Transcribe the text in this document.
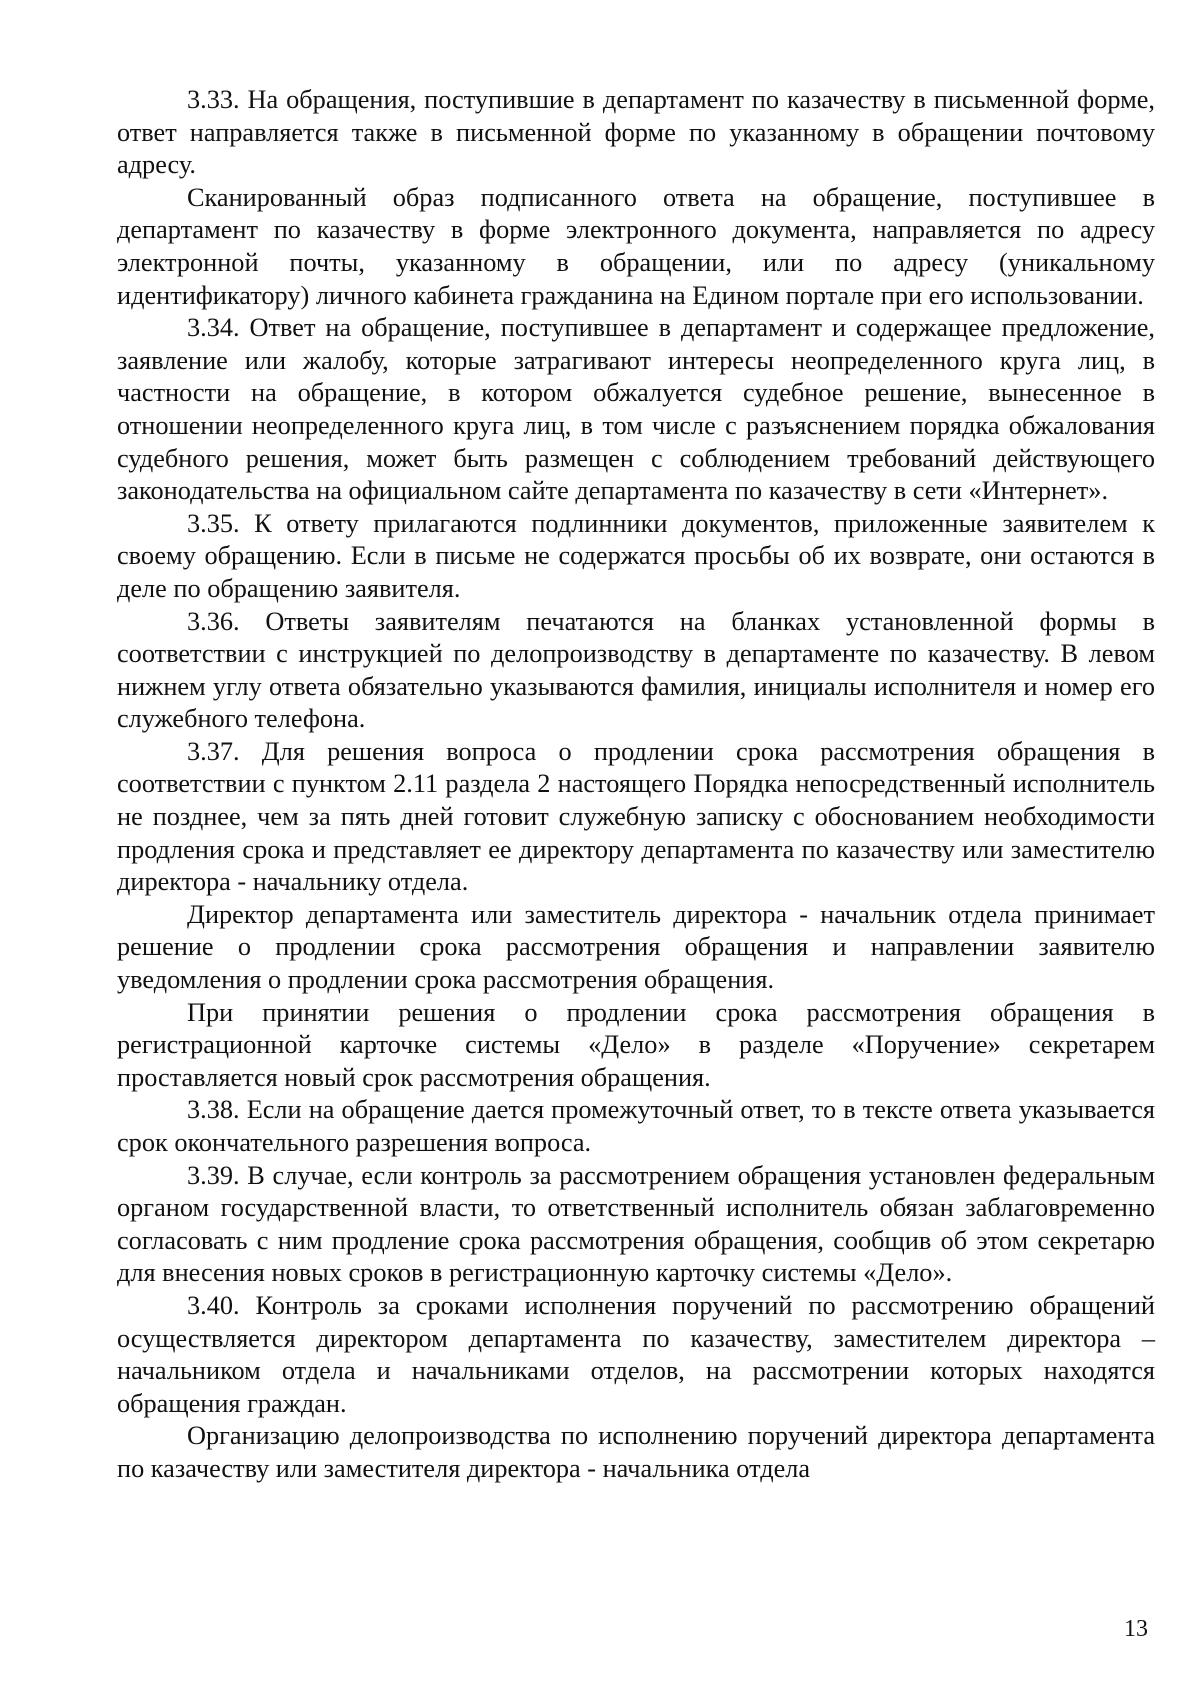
3.33. На обращения, поступившие в департамент по казачеству в письменной форме, ответ направляется также в письменной форме по указанному в обращении почтовому адресу.

Сканированный образ подписанного ответа на обращение, поступившее в департамент по казачеству в форме электронного документа, направляется по адресу электронной почты, указанному в обращении, или по адресу (уникальному идентификатору) личного кабинета гражданина на Едином портале при его использовании.

3.34. Ответ на обращение, поступившее в департамент и содержащее предложение, заявление или жалобу, которые затрагивают интересы неопределенного круга лиц, в частности на обращение, в котором обжалуется судебное решение, вынесенное в отношении неопределенного круга лиц, в том числе с разъяснением порядка обжалования судебного решения, может быть размещен с соблюдением требований действующего законодательства на официальном сайте департамента по казачеству в сети «Интернет».

3.35. К ответу прилагаются подлинники документов, приложенные заявителем к своему обращению. Если в письме не содержатся просьбы об их возврате, они остаются в деле по обращению заявителя.

3.36. Ответы заявителям печатаются на бланках установленной формы в соответствии с инструкцией по делопроизводству в департаменте по казачеству. В левом нижнем углу ответа обязательно указываются фамилия, инициалы исполнителя и номер его служебного телефона.

3.37. Для решения вопроса о продлении срока рассмотрения обращения в соответствии с пунктом 2.11 раздела 2 настоящего Порядка непосредственный исполнитель не позднее, чем за пять дней готовит служебную записку с обоснованием необходимости продления срока и представляет ее директору департамента по казачеству или заместителю директора - начальнику отдела.

Директор департамента или заместитель директора - начальник отдела принимает решение о продлении срока рассмотрения обращения и направлении заявителю уведомления о продлении срока рассмотрения обращения.

При принятии решения о продлении срока рассмотрения обращения в регистрационной карточке системы «Дело» в разделе «Поручение» секретарем проставляется новый срок рассмотрения обращения.

3.38. Если на обращение дается промежуточный ответ, то в тексте ответа указывается срок окончательного разрешения вопроса.

3.39. В случае, если контроль за рассмотрением обращения установлен федеральным органом государственной власти, то ответственный исполнитель обязан заблаговременно согласовать с ним продление срока рассмотрения обращения, сообщив об этом секретарю для внесения новых сроков в регистрационную карточку системы «Дело».

3.40. Контроль за сроками исполнения поручений по рассмотрению обращений осуществляется директором департамента по казачеству, заместителем директора – начальником отдела и начальниками отделов, на рассмотрении которых находятся обращения граждан.

Организацию делопроизводства по исполнению поручений директора департамента по казачеству или заместителя директора - начальника отдела

13
